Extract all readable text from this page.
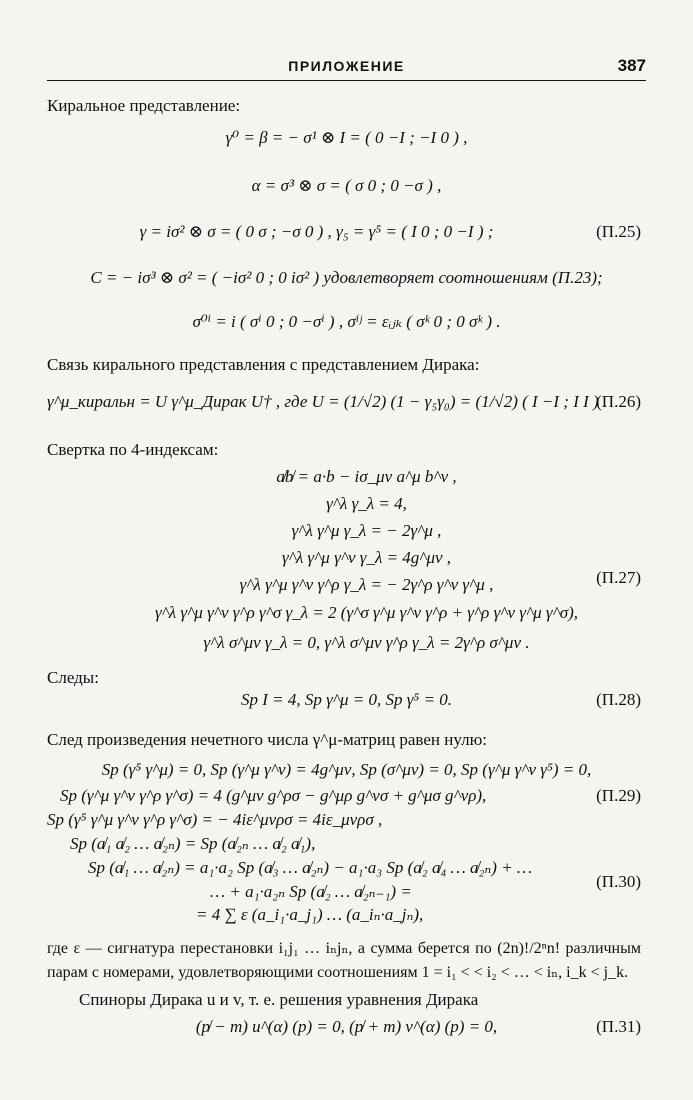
ПРИЛОЖЕНИЕ	387
Киральное представление:
γ⁰ = β = − σ¹ ⊗ I = ( 0 −I ; −I 0 ) ,
α = σ³ ⊗ σ = ( σ 0 ; 0 −σ ) ,
γ = iσ² ⊗ σ = ( 0 σ ; −σ 0 ) , γ₅ = γ⁵ = ( I 0 ; 0 −I ) ;	(П.25)
C = − iσ³ ⊗ σ² = ( −iσ² 0 ; 0 iσ² ) удовлетворяет соотношениям (П.23);
σ⁰ⁱ = i ( σⁱ 0 ; 0 −σⁱ ) , σⁱʲ = εᵢⱼₖ ( σᵏ 0 ; 0 σᵏ ) .
Связь кирального представления с представлением Дирака:
γ^μ_киральн = U γ^μ_Дирак U† , где U = (1/√2) (1 − γ₅γ₀) = (1/√2) ( I −I ; I I ) .
(П.26)
Свертка по 4-индексам:
a̸b̸ = a·b − iσ_μν a^μ b^ν ,
γ^λ γ_λ = 4,
γ^λ γ^μ γ_λ = − 2γ^μ ,
γ^λ γ^μ γ^ν γ_λ = 4g^μν ,
γ^λ γ^μ γ^ν γ^ρ γ_λ = − 2γ^ρ γ^ν γ^μ ,	(П.27)
γ^λ γ^μ γ^ν γ^ρ γ^σ γ_λ = 2 (γ^σ γ^μ γ^ν γ^ρ + γ^ρ γ^ν γ^μ γ^σ),
γ^λ σ^μν γ_λ = 0, γ^λ σ^μν γ^ρ γ_λ = 2γ^ρ σ^μν .
Следы:
Sp I = 4, Sp γ^μ = 0, Sp γ⁵ = 0.	(П.28)
След произведения нечетного числа γ^μ-матриц равен нулю:
Sp (γ⁵ γ^μ) = 0, Sp (γ^μ γ^ν) = 4g^μν, Sp (σ^μν) = 0, Sp (γ^μ γ^ν γ⁵) = 0,
Sp (γ^μ γ^ν γ^ρ γ^σ) = 4 (g^μν g^ρσ − g^μρ g^νσ + g^μσ g^νρ),	(П.29)
Sp (γ⁵ γ^μ γ^ν γ^ρ γ^σ) = − 4iε^μνρσ = 4iε_μνρσ ,
Sp (a̸₁ a̸₂ … a̸₂ₙ) = Sp (a̸₂ₙ … a̸₂ a̸₁),
Sp (a̸₁ … a̸₂ₙ) = a₁·a₂ Sp (a̸₃ … a̸₂ₙ) − a₁·a₃ Sp (a̸₂ a̸₄ … a̸₂ₙ) + …
… + a₁·a₂ₙ Sp (a̸₂ … a̸₂ₙ₋₁) =
(П.30)
= 4 ∑ ε (a_i₁·a_j₁) … (a_iₙ·a_jₙ),
где ε — сигнатура перестановки i₁j₁ … iₙjₙ, а сумма берется по (2n)!/2ⁿn! различным парам с номерами, удовлетворяющими соотношениям 1 = i₁ < < i₂ < … < iₙ, i_k < j_k.
Спиноры Дирака u и v, т. е. решения уравнения Дирака
(p̸ − m) u^(α) (p) = 0, (p̸ + m) v^(α) (p) = 0,	(П.31)
